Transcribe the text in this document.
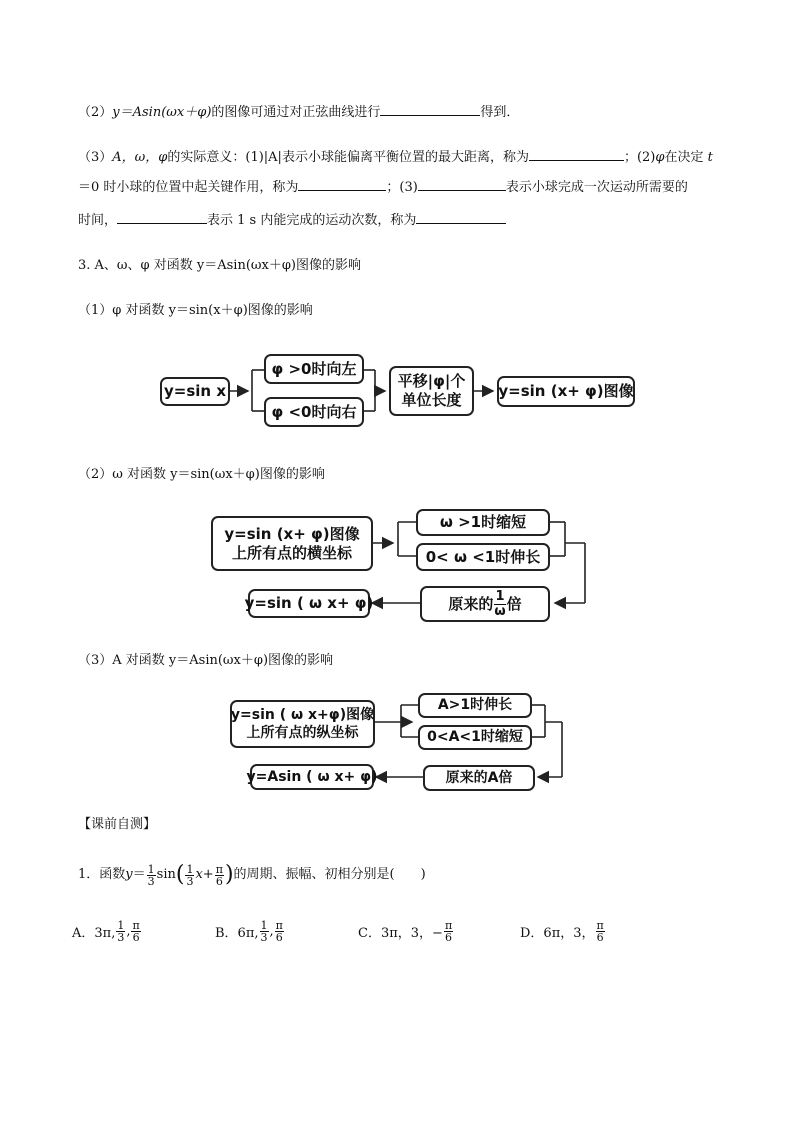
（2）y＝Asin(ωx＋φ)的图像可通过对正弦曲线进行	得到．
（3）A，ω，φ的实际意义：(1)|A|表示小球能偏离平衡位置的最大距离，称为	；(2)φ在决定 t
＝0 时小球的位置中起关键作用，称为	；(3)	表示小球完成一次运动所需要的
时间，	表示 1 s 内能完成的运动次数，称为
3. A、ω、φ 对函数 y＝Asin(ωx＋φ)图像的影响
（1）φ 对函数 y＝sin(x＋φ)图像的影响
y=sin x
φ >0时向左
φ <0时向右
平移|φ|个
单位长度 y=sin (x+ φ)图像
（2）ω 对函数 y＝sin(ωx＋φ)图像的影响
y=sin (x+ φ)图像
上所有点的横坐标
ω >1时缩短
0< ω <1时伸长
原来的 $\frac{1}{\omega}$ 倍
y=sin ( ω x+ φ)
（3）A 对函数 y＝Asin(ωx＋φ)图像的影响
y=sin ( ω x+φ)图像
上所有点的纵坐标
A>1时伸长
0<A<1时缩短
原来的A倍
y=Asin ( ω x+ φ)
【课前自测】
1．函数 $y = \frac{1}{3}$ sin ( $\frac{1}{3}$ $x + \frac{\pi}{6}$ ) 的周期、振幅、初相分别是(　　)
A．3π, $\frac{1}{3}$ , $\frac{\pi}{6}$	B．6π, $\frac{1}{3}$ , $\frac{\pi}{6}$	C．3π，3，− $\frac{\pi}{6}$	D．6π，3， $\frac{\pi}{6}$
